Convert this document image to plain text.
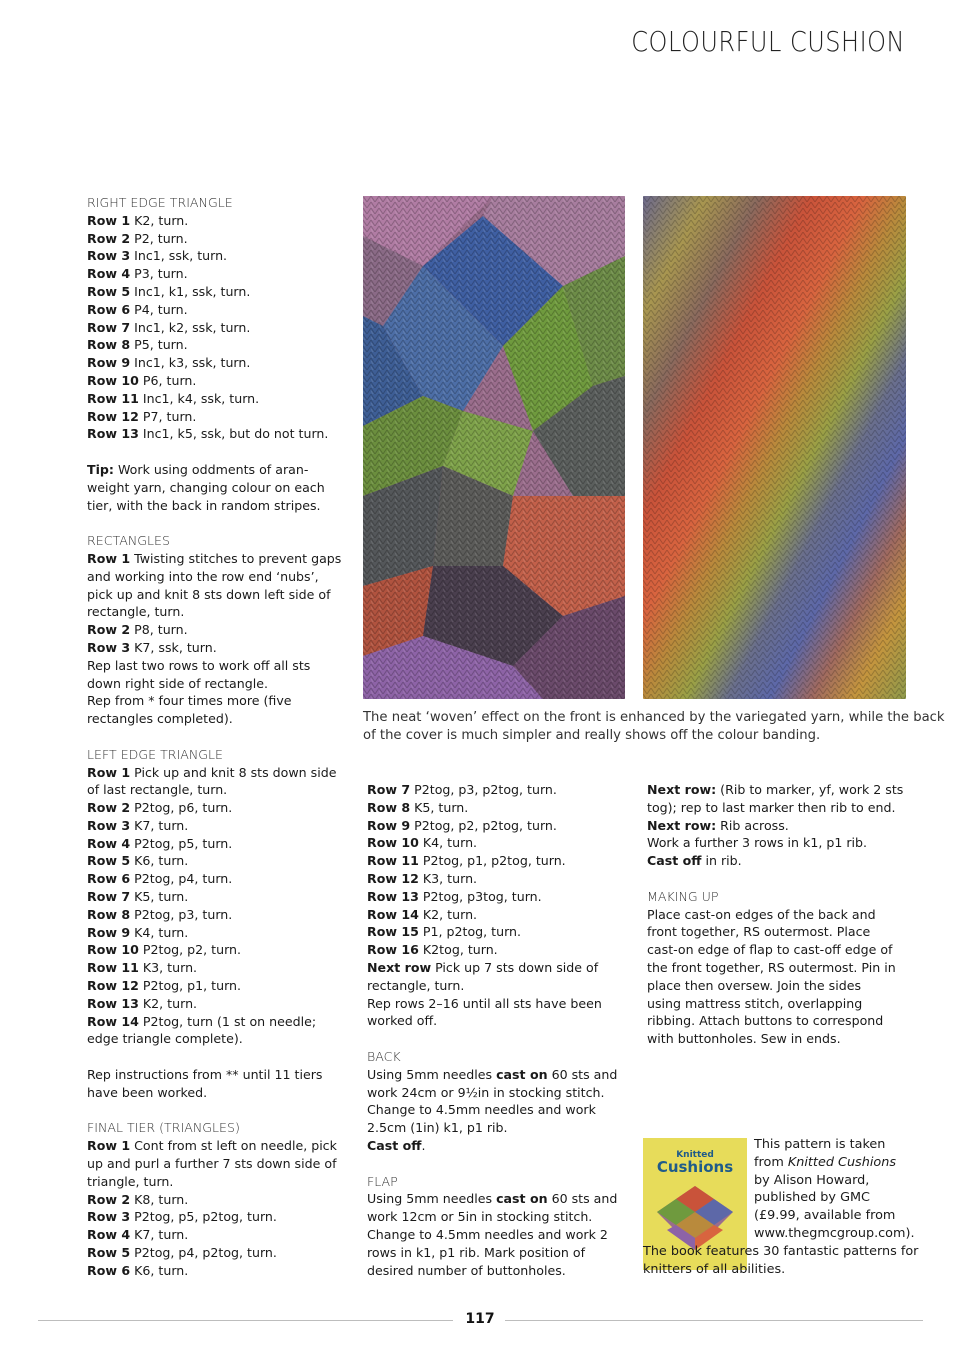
COLOURFUL CUSHION
RIGHT EDGE TRIANGLE
Row 1 K2, turn.
Row 2 P2, turn.
Row 3 Inc1, ssk, turn.
Row 4 P3, turn.
Row 5 Inc1, k1, ssk, turn.
Row 6 P4, turn.
Row 7 Inc1, k2, ssk, turn.
Row 8 P5, turn.
Row 9 Inc1, k3, ssk, turn.
Row 10 P6, turn.
Row 11 Inc1, k4, ssk, turn.
Row 12 P7, turn.
Row 13 Inc1, k5, ssk, but do not turn.
Tip: Work using oddments of aran-
weight yarn, changing colour on each
tier, with the back in random stripes.
RECTANGLES
Row 1 Twisting stitches to prevent gaps
and working into the row end ‘nubs’,
pick up and knit 8 sts down left side of
rectangle, turn.
Row 2 P8, turn.
Row 3 K7, ssk, turn.
Rep last two rows to work off all sts
down right side of rectangle.
Rep from * four times more (five
rectangles completed).
LEFT EDGE TRIANGLE
Row 1 Pick up and knit 8 sts down side
of last rectangle, turn.
Row 2 P2tog, p6, turn.
Row 3 K7, turn.
Row 4 P2tog, p5, turn.
Row 5 K6, turn.
Row 6 P2tog, p4, turn.
Row 7 K5, turn.
Row 8 P2tog, p3, turn.
Row 9 K4, turn.
Row 10 P2tog, p2, turn.
Row 11 K3, turn.
Row 12 P2tog, p1, turn.
Row 13 K2, turn.
Row 14 P2tog, turn (1 st on needle;
edge triangle complete).
Rep instructions from ** until 11 tiers
have been worked.
FINAL TIER (TRIANGLES)
Row 1 Cont from st left on needle, pick
up and purl a further 7 sts down side of
triangle, turn.
Row 2 K8, turn.
Row 3 P2tog, p5, p2tog, turn.
Row 4 K7, turn.
Row 5 P2tog, p4, p2tog, turn.
Row 6 K6, turn.
The neat ‘woven’ effect on the front is enhanced by the variegated yarn, while the back
of the cover is much simpler and really shows off the colour banding.
Row 7 P2tog, p3, p2tog, turn.
Row 8 K5, turn.
Row 9 P2tog, p2, p2tog, turn.
Row 10 K4, turn.
Row 11 P2tog, p1, p2tog, turn.
Row 12 K3, turn.
Row 13 P2tog, p3tog, turn.
Row 14 K2, turn.
Row 15 P1, p2tog, turn.
Row 16 K2tog, turn.
Next row Pick up 7 sts down side of
rectangle, turn.
Rep rows 2–16 until all sts have been
worked off.
BACK
Using 5mm needles cast on 60 sts and
work 24cm or 9½in in stocking stitch.
Change to 4.5mm needles and work
2.5cm (1in) k1, p1 rib.
Cast off.
FLAP
Using 5mm needles cast on 60 sts and
work 12cm or 5in in stocking stitch.
Change to 4.5mm needles and work 2
rows in k1, p1 rib. Mark position of
desired number of buttonholes.
Next row: (Rib to marker, yf, work 2 sts
tog); rep to last marker then rib to end.
Next row: Rib across.
Work a further 3 rows in k1, p1 rib.
Cast off in rib.
MAKING UP
Place cast-on edges of the back and
front together, RS outermost. Place
cast-on edge of flap to cast-off edge of
the front together, RS outermost. Pin in
place then oversew. Join the sides
using mattress stitch, overlapping
ribbing. Attach buttons to correspond
with buttonholes. Sew in ends.
Knitted
Cushions
This pattern is taken
from Knitted Cushions
by Alison Howard,
published by GMC
(£9.99, available from
www.thegmcgroup.com).
The book features 30 fantastic patterns for
knitters of all abilities.
117
